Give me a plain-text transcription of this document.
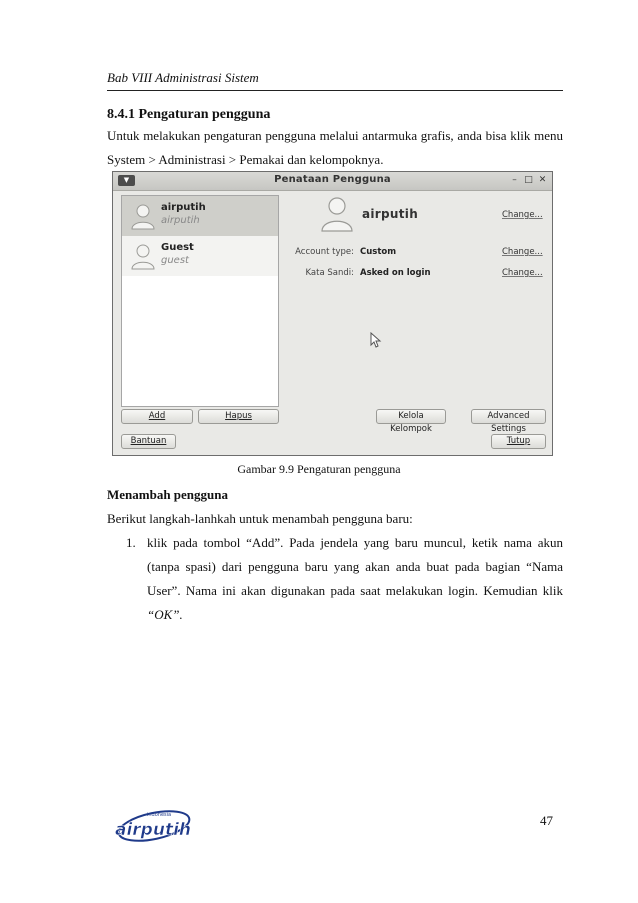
Bab VIII Administrasi Sistem
8.4.1 Pengaturan pengguna
Untuk melakukan pengaturan pengguna melalui antarmuka grafis, anda bisa klik menu
System > Administrasi > Pemakai dan kelompoknya.
▼	Penataan Pengguna	– □ ✕
airputih
airputih
Guest
guest
airputih	Change...
Account type: Custom	Change...
Kata Sandi: Asked on login	Change...
Add	Hapus	Kelola Kelompok
Advanced Settings
Bantuan	Tutup
Gambar 9.9 Pengaturan pengguna
Menambah pengguna
Berikut langkah-lanhkah untuk menambah pengguna baru:
1. klik pada tombol “Add”. Pada jendela yang baru muncul, ketik nama akun
(tanpa spasi) dari pengguna baru yang akan anda buat pada bagian “Nama
User”. Nama ini akan digunakan pada saat melakukan login. Kemudian klik
“OK”.
indonesia
airputih	47
